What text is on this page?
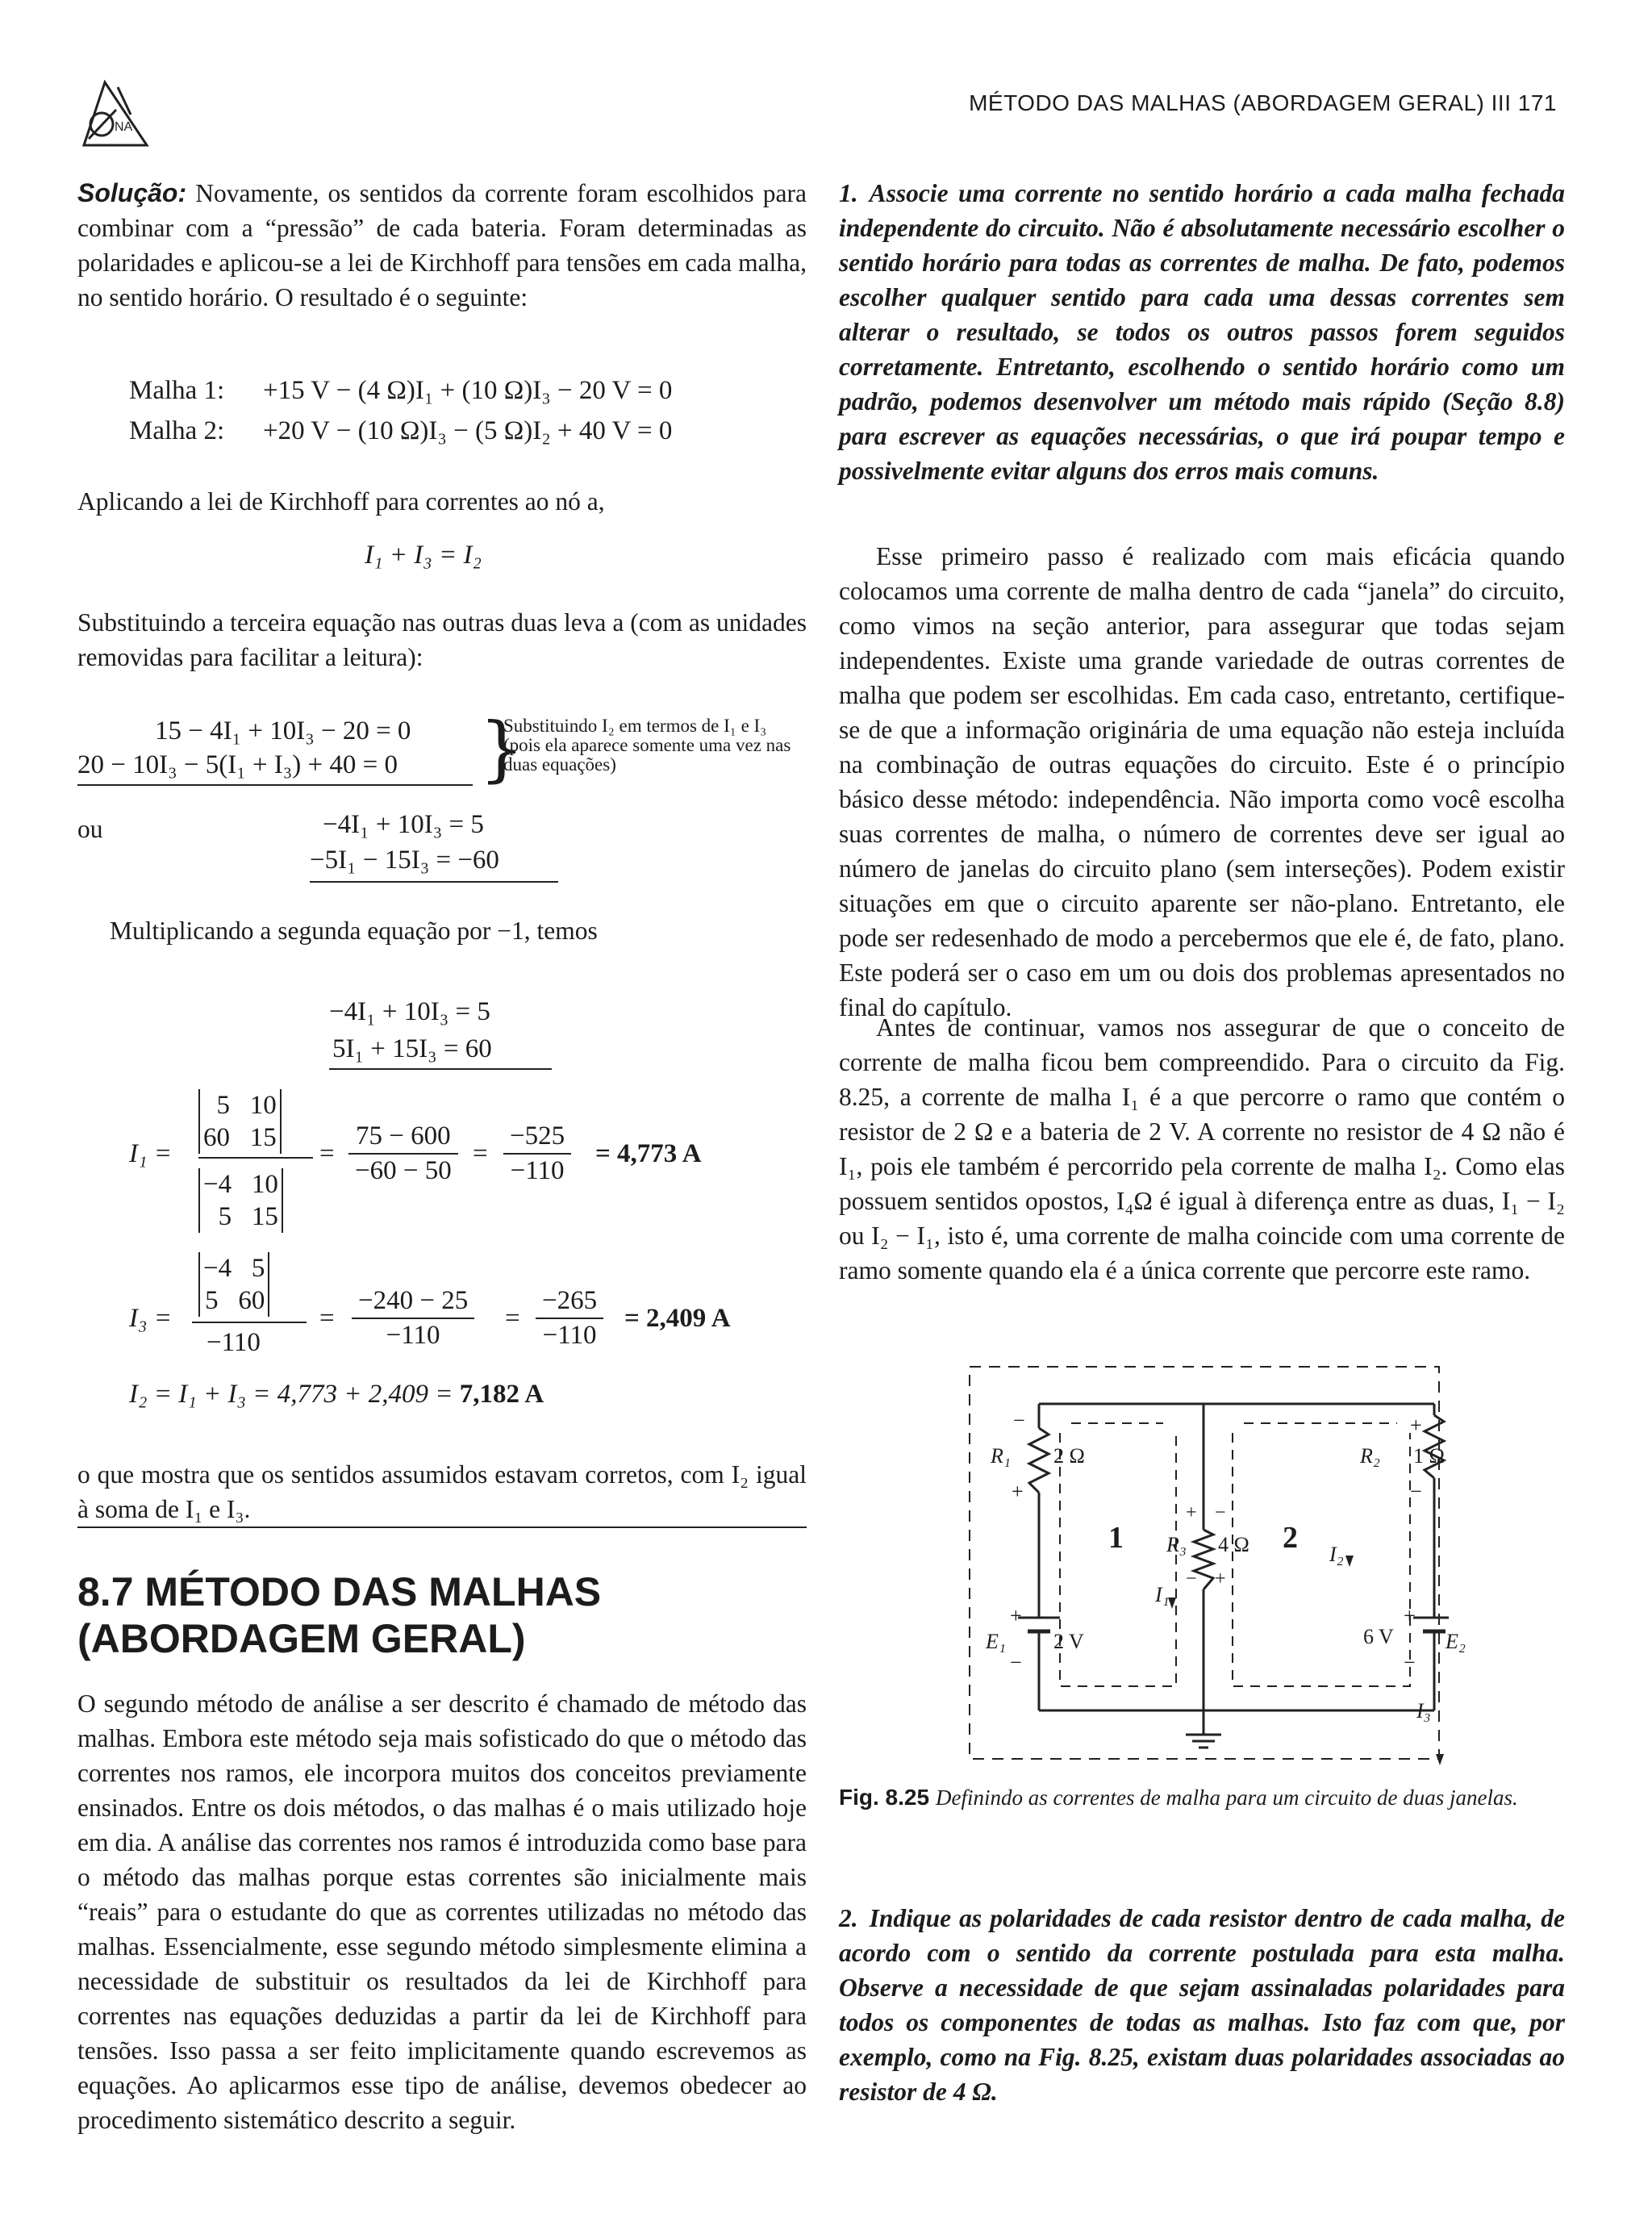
NA
MÉTODO DAS MALHAS (ABORDAGEM GERAL) III 171
Solução: Novamente, os sentidos da corrente foram escolhidos para combinar com a “pressão” de cada bateria. Foram determinadas as polaridades e aplicou-se a lei de Kirchhoff para tensões em cada malha, no sentido horário. O resultado é o seguinte:
Malha 1: +15 V − (4 Ω)I₁ + (10 Ω)I₃ − 20 V = 0
Malha 2: +20 V − (10 Ω)I₃ − (5 Ω)I₂ + 40 V = 0
Aplicando a lei de Kirchhoff para correntes ao nó a,
I₁ + I₃ = I₂
Substituindo a terceira equação nas outras duas leva a (com as unidades removidas para facilitar a leitura):
15 − 4I₁ + 10I₃ − 20 = 0
20 − 10I₃ − 5(I₁ + I₃) + 40 = 0 }
Substituindo I₂ em termos de I₁ e I₃ (pois ela aparece somente uma vez nas duas equações)
ou	−4I₁ + 10I₃ = 5
−5I₁ − 15I₃ = −60
Multiplicando a segunda equação por −1, temos
−4I₁ + 10I₃ = 5
5I₁ + 15I₃ = 60
I₁ =
5   10
60   15
−4   10
5   15
= $\frac{75 - 600}{-60 - 50} = \frac{-525}{-110} = 4,773$ A
I₃ =
−4   5
5   60
−110
= $\frac{-240 - 25}{-110} = \frac{-265}{-110} = 2,409$ A
I₂ = I₁ + I₃ = 4,773 + 2,409 = 7,182 A
o que mostra que os sentidos assumidos estavam corretos, com I₂ igual à soma de I₁ e I₃.
8.7 MÉTODO DAS MALHAS
(ABORDAGEM GERAL)
O segundo método de análise a ser descrito é chamado de método das malhas. Embora este método seja mais sofisticado do que o método das correntes nos ramos, ele incorpora muitos dos conceitos previamente ensinados. Entre os dois métodos, o das malhas é o mais utilizado hoje em dia. A análise das correntes nos ramos é introduzida como base para o método das malhas porque estas correntes são inicialmente mais “reais” para o estudante do que as correntes utilizadas no método das malhas. Essencialmente, esse segundo método simplesmente elimina a necessidade de substituir os resultados da lei de Kirchhoff para correntes nas equações deduzidas a partir da lei de Kirchhoff para tensões. Isso passa a ser feito implicitamente quando escrevemos as equações. Ao aplicarmos esse tipo de análise, devemos obedecer ao procedimento sistemático descrito a seguir.
1. Associe uma corrente no sentido horário a cada malha fechada independente do circuito. Não é absolutamente necessário escolher o sentido horário para todas as correntes de malha. De fato, podemos escolher qualquer sentido para cada uma dessas correntes sem alterar o resultado, se todos os outros passos forem seguidos corretamente. Entretanto, escolhendo o sentido horário como um padrão, podemos desenvolver um método mais rápido (Seção 8.8) para escrever as equações necessárias, o que irá poupar tempo e possivelmente evitar alguns dos erros mais comuns.
Esse primeiro passo é realizado com mais eficácia quando colocamos uma corrente de malha dentro de cada “janela” do circuito, como vimos na seção anterior, para assegurar que todas sejam independentes. Existe uma grande variedade de outras correntes de malha que podem ser escolhidas. Em cada caso, entretanto, certifique-se de que a informação originária de uma equação não esteja incluída na combinação de outras equações do circuito. Este é o princípio básico desse método: independência. Não importa como você escolha suas correntes de malha, o número de correntes deve ser igual ao número de janelas do circuito plano (sem interseções). Podem existir situações em que o circuito aparente ser não-plano. Entretanto, ele pode ser redesenhado de modo a percebermos que ele é, de fato, plano. Este poderá ser o caso em um ou dois dos problemas apresentados no final do capítulo.
Antes de continuar, vamos nos assegurar de que o conceito de corrente de malha ficou bem compreendido. Para o circuito da Fig. 8.25, a corrente de malha I₁ é a que percorre o ramo que contém o resistor de 2 Ω e a bateria de 2 V. A corrente no resistor de 4 Ω não é I₁, pois ele também é percorrido pela corrente de malha I₂. Como elas possuem sentidos opostos, I₄Ω é igual à diferença entre as duas, I₁ − I₂ ou I₂ − I₁, isto é, uma corrente de malha coincide com uma corrente de ramo somente quando ela é a única corrente que percorre este ramo.
R₁ 2 Ω
−
+
R₂ 1 Ω
+
−
R₃ 4 Ω
+ −
− +
1	2
I₁
I₂
I₃
E₁ 2 V
+
−
6 V E₂
+
−
Fig. 8.25 Definindo as correntes de malha para um circuito de duas janelas.
2. Indique as polaridades de cada resistor dentro de cada malha, de acordo com o sentido da corrente postulada para esta malha. Observe a necessidade de que sejam assinaladas polaridades para todos os componentes de todas as malhas. Isto faz com que, por exemplo, como na Fig. 8.25, existam duas polaridades associadas ao resistor de 4 Ω.
